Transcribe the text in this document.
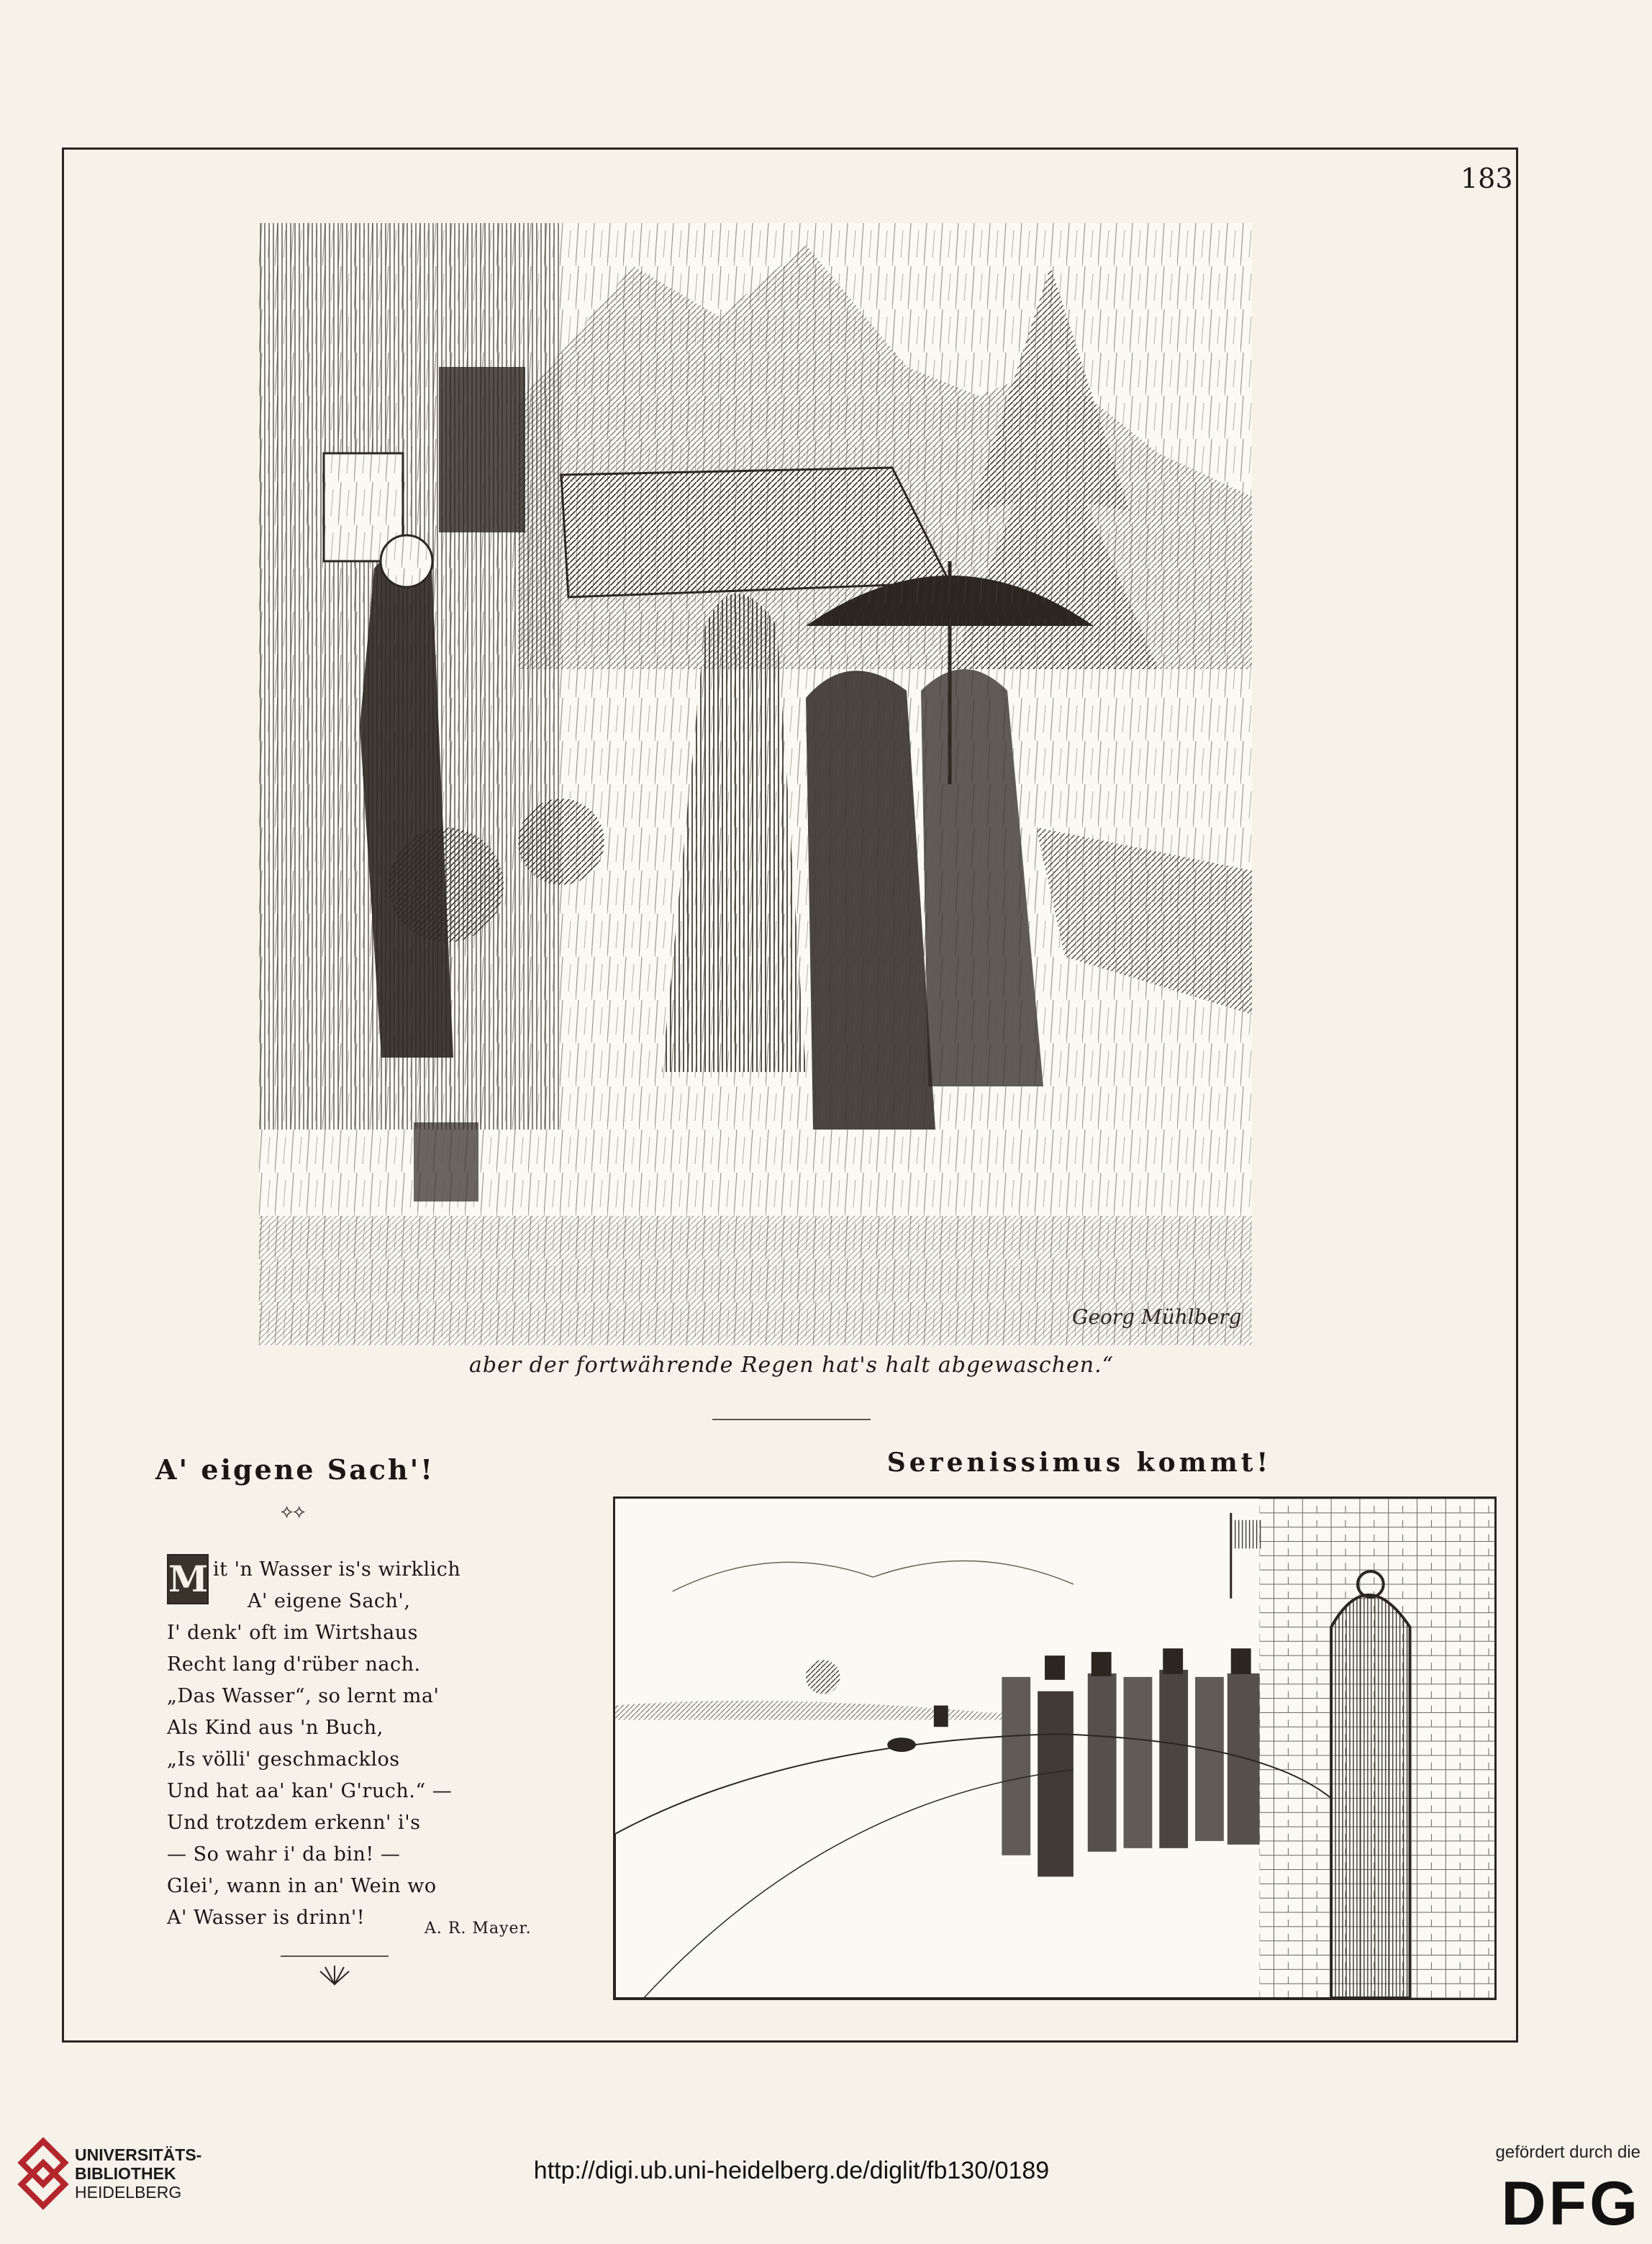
183
Georg Mühlberg
aber der fortwährende Regen hat's halt abgewaschen.“
A' eigene Sach'!
⟡⟡
M it 'n Wasser is's wirklich
A' eigene Sach',
I' denk' oft im Wirtshaus
Recht lang d'rüber nach.
„Das Wasser“, so lernt ma'
Als Kind aus 'n Buch,
„Is völli' geschmacklos
Und hat aa' kan' G'ruch.“ —
Und trotzdem erkenn' i's
— So wahr i' da bin! —
Glei', wann in an' Wein wo
A' Wasser is drinn'!	A. R. Mayer.
Serenissimus kommt!
UNIVERSITÄTS-
BIBLIOTHEK
HEIDELBERG
http://digi.ub.uni-heidelberg.de/diglit/fb130/0189
gefördert durch die
DFG
